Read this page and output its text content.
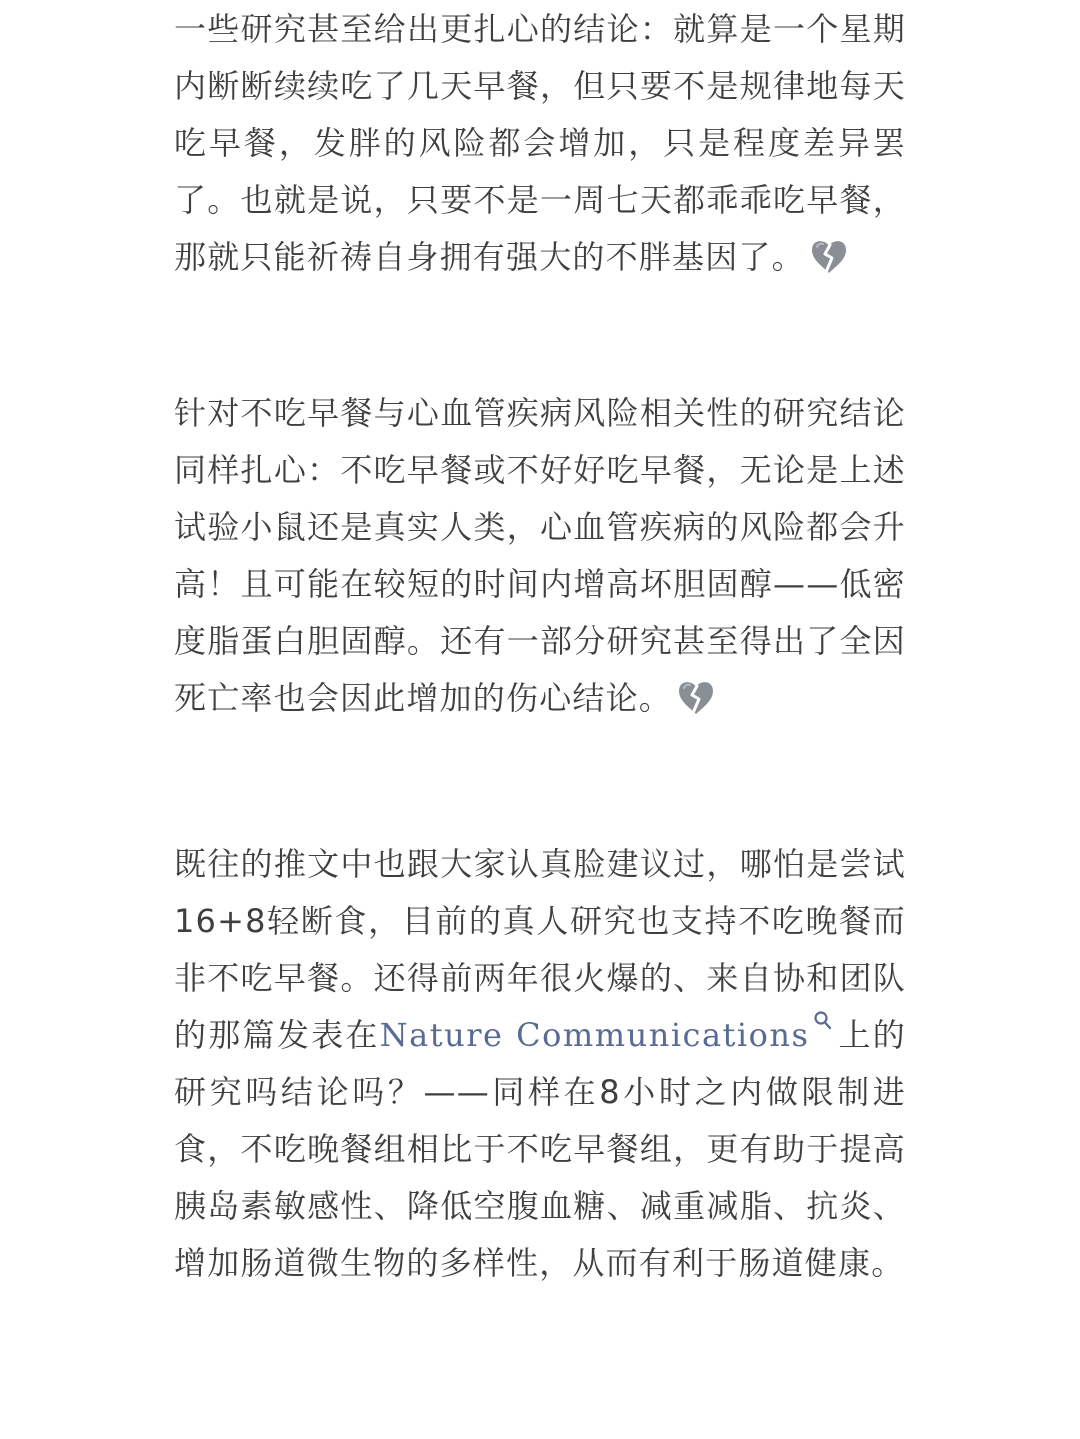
一些研究甚至给出更扎心的结论：就算是一个星期内断断续续吃了几天早餐，但只要不是规律地每天吃早餐，发胖的风险都会增加，只是程度差异罢了。也就是说，只要不是一周七天都乖乖吃早餐，那就只能祈祷自身拥有强大的不胖基因了。

针对不吃早餐与心血管疾病风险相关性的研究结论同样扎心：不吃早餐或不好好吃早餐，无论是上述试验小鼠还是真实人类，心血管疾病的风险都会升高！且可能在较短的时间内增高坏胆固醇——低密度脂蛋白胆固醇。还有一部分研究甚至得出了全因死亡率也会因此增加的伤心结论。

既往的推文中也跟大家认真脸建议过，哪怕是尝试16+8轻断食，目前的真人研究也支持不吃晚餐而非不吃早餐。还得前两年很火爆的、来自协和团队的那篇发表在Nature Communications 上的研究吗结论吗？——同样在8小时之内做限制进食，不吃晚餐组相比于不吃早餐组，更有助于提高胰岛素敏感性、降低空腹血糖、减重减脂、抗炎、增加肠道微生物的多样性，从而有利于肠道健康。
